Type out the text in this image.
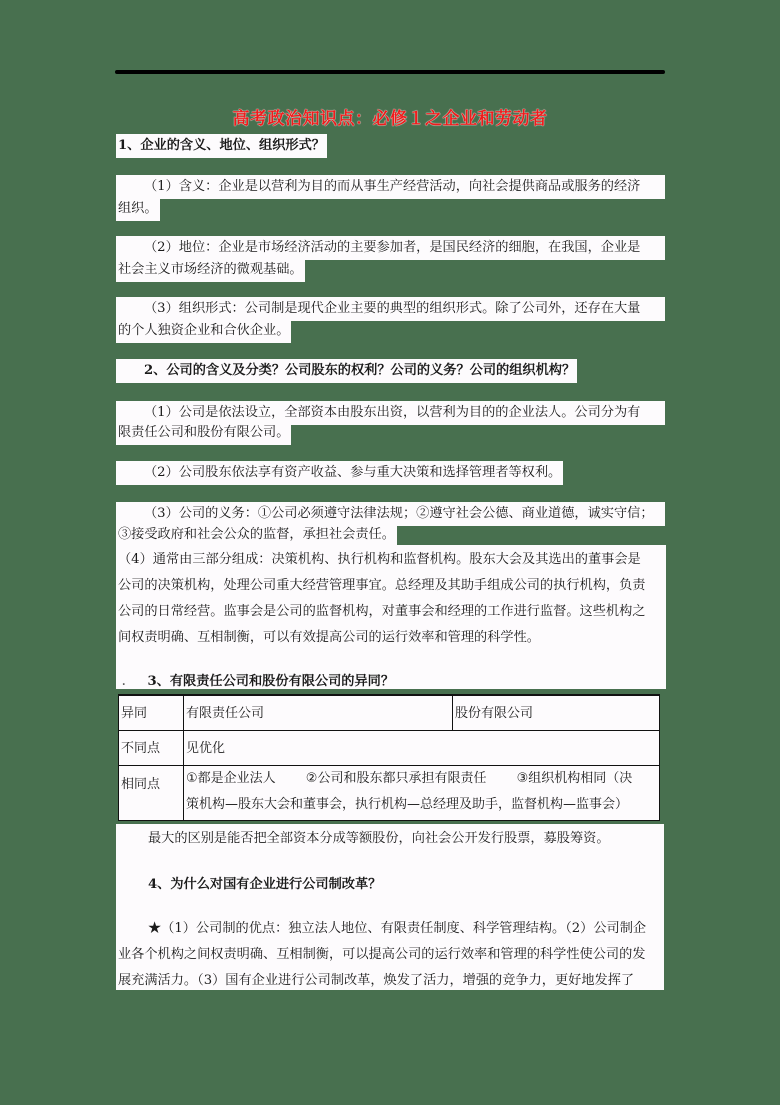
高考政治知识点：必修１之企业和劳动者
1、企业的含义、地位、组织形式？
（1）含义：企业是以营利为目的而从事生产经营活动，向社会提供商品或服务的经济
组织。
（2）地位：企业是市场经济活动的主要参加者，是国民经济的细胞，在我国，企业是
社会主义市场经济的微观基础。
（3）组织形式：公司制是现代企业主要的典型的组织形式。除了公司外，还存在大量
的个人独资企业和合伙企业。
2、公司的含义及分类？公司股东的权利？公司的义务？公司的组织机构？
（1）公司是依法设立，全部资本由股东出资，以营利为目的的企业法人。公司分为有
限责任公司和股份有限公司。
（2）公司股东依法享有资产收益、参与重大决策和选择管理者等权利。
（3）公司的义务：①公司必须遵守法律法规；②遵守社会公德、商业道德，诚实守信；
③接受政府和社会公众的监督，承担社会责任。
（4）通常由三部分组成：决策机构、执行机构和监督机构。股东大会及其选出的董事会是
公司的决策机构，处理公司重大经营管理事宜。总经理及其助手组成公司的执行机构，负责
公司的日常经营。监事会是公司的监督机构，对董事会和经理的工作进行监督。这些机构之
间权责明确、互相制衡，可以有效提高公司的运行效率和管理的科学性。
. 3、有限责任公司和股份有限公司的异同？
异同	有限责任公司	股份有限公司
不同点	见优化	
相同点	①都是企业法人 ②公司和股东都只承担有限责任 ③组织机构相同（决
策机构—股东大会和董事会，执行机构—总经理及助手，监督机构—监事会）	
最大的区别是能否把全部资本分成等额股份，向社会公开发行股票，募股筹资。
4、为什么对国有企业进行公司制改革？
★（1）公司制的优点：独立法人地位、有限责任制度、科学管理结构。（2）公司制企
业各个机构之间权责明确、互相制衡，可以提高公司的运行效率和管理的科学性使公司的发
展充满活力。（3）国有企业进行公司制改革，焕发了活力，增强的竞争力，更好地发挥了
